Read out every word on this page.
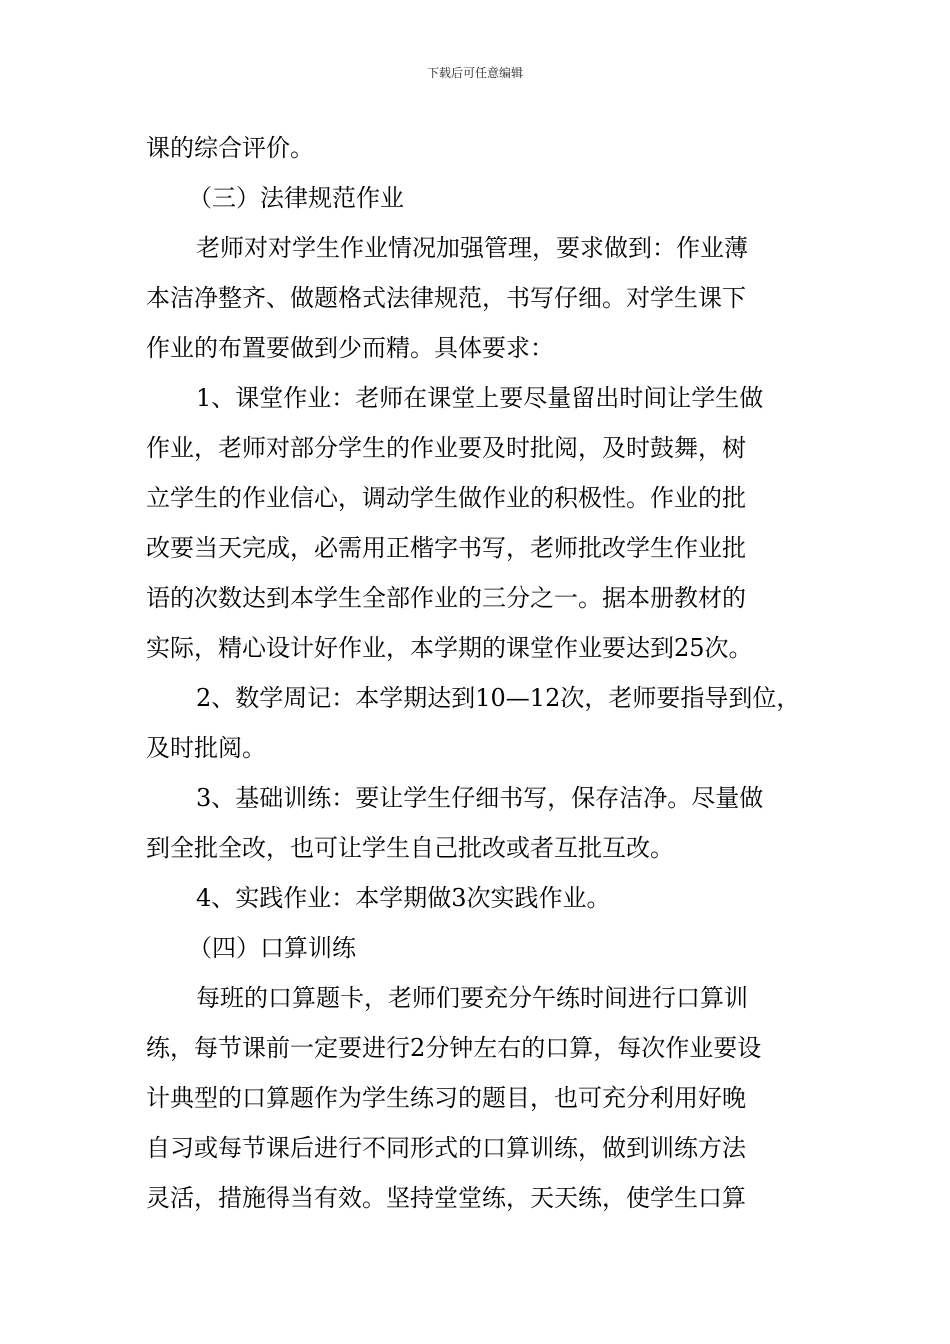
下载后可任意编辑
课的综合评价。
（三）法律规范作业
老师对对学生作业情况加强管理，要求做到：作业薄
本洁净整齐、做题格式法律规范，书写仔细。对学生课下
作业的布置要做到少而精。具体要求：
1、课堂作业：老师在课堂上要尽量留出时间让学生做
作业，老师对部分学生的作业要及时批阅，及时鼓舞，树
立学生的作业信心，调动学生做作业的积极性。作业的批
改要当天完成，必需用正楷字书写，老师批改学生作业批
语的次数达到本学生全部作业的三分之一。据本册教材的
实际，精心设计好作业，本学期的课堂作业要达到25次。
2、数学周记：本学期达到10—12次，老师要指导到位，
及时批阅。
3、基础训练：要让学生仔细书写，保存洁净。尽量做
到全批全改，也可让学生自己批改或者互批互改。
4、实践作业：本学期做3次实践作业。
（四）口算训练
每班的口算题卡，老师们要充分午练时间进行口算训
练，每节课前一定要进行2分钟左右的口算，每次作业要设
计典型的口算题作为学生练习的题目，也可充分利用好晚
自习或每节课后进行不同形式的口算训练，做到训练方法
灵活，措施得当有效。坚持堂堂练，天天练，使学生口算
